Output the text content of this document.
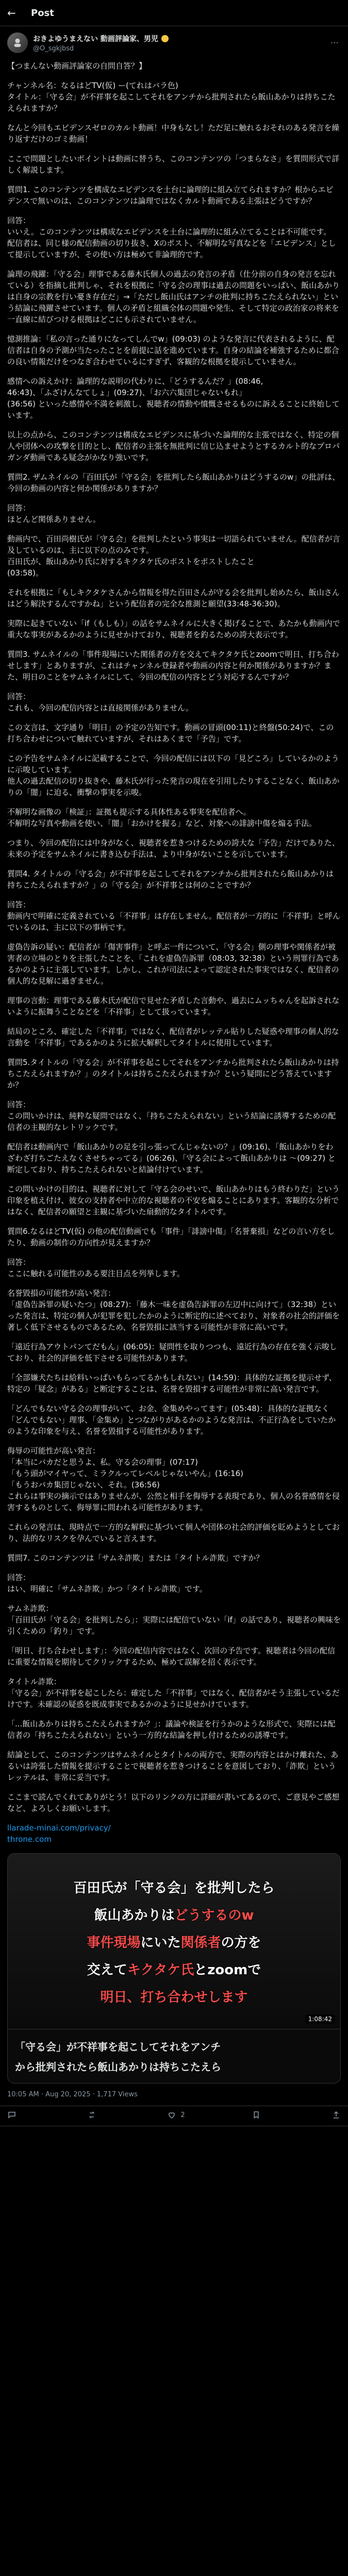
← Post
おきよゆうまえない 動画評論家、男児
@O_sgkjbsd
⋯

【つまんない動画評論家の自問自答？】

チャンネル名：なるはどTV(仮) ー(てれはバラ色)
タイトル：「守る会」が不祥事を起こしてそれをアンチから批判されたら飯山あかりは持ちこたえられますか？

なんと今回もエビデンスゼロのカルト動画！中身もなし！ただ足に触れるおそれのある発言を繰り返すだけのゴミ動画！

ここで問題としたいポイントは動画に替うち、このコンテンツの「つまらなさ」を質問形式で詳しく解説します。

質問1. このコンテンツを構成なエビデンスを土台に論理的に組み立てられますか？根からエビデンスで無いのは、このコンテンツは論理ではなくカルト動画である主張はどうですか？

回答：
いいえ。このコンテンツは構成なエビデンスを土台に論理的に組み立てることは不可能です。
配信者は、同じ様の配信動画の切り抜き、Xのポスト、不解明な写真などを「エビデンス」として提示していますが、その使い方は極めて非論理的です。

論理の飛躍：「守る会」理事である藤木氏個人の過去の発言の矛盾（仕分前の自身の発言を忘れている）を指摘し批判しゃ、それを根拠に「守る会の理事は過去の問題をいっぱい、飯山あかりは自身の宗教を行い憂き存在だ」→「ただし飯山氏はアンチの批判に持ちこたえられない」という結論に飛躍させています。個人の矛盾と組織全体の問題や発生、そして特定の政治家の将来を一直線に結びつける根拠はどこにも示されていません。

憶測推論：「私の言った通りになってしんでw」(09:03) のような発言に代表されるように、配信者は自身の予測が当たったことを前提に話を進めています。自身の結論を補強するために都合の良い情報だけをつなぎ合わせているにすぎず、客観的な根拠を提示していません。

感情への訴えかけ：論理的な説明の代わりに、「どうするんだ？」(08:46,
46:43)、「ふざけんなてしょ」(09:27)、「お六六集団じゃないもれ」
(36:56) といった感情や不満を刺激し、視聴者の情動や憤慨させるものに訴えることに終始しています。

以上の点から、このコンテンツは構成なエビデンスに基づいた論理的な主張ではなく、特定の個人や団体への攻撃を目的とし、配信者の主張を無批判に信じ込ませようとするカルト的なプロパガンダ動画である疑念がかなり強いです。

質問2. ザムネイルの「百田氏が「守る会」を批判したら飯山あかりはどうするのw」の批評は、今回の動画の内容と何か関係がありますか？

回答：
ほとんど関係ありません。

動画内で、百田尚樹氏が「守る会」を批判したという事実は一切語られていません。配信者が言及しているのは、主に以下の点のみです。
百田氏が、飯山あかり氏に対するキクタケ氏のポストをポストしたこと
(03:58)。

それを根拠に「もしキクタケさんから情報を得た百田さんが守る会を批判し始めたら、飯山さんはどう解決するんですかね」という配信者の完全な推測と願望(33:48-36:30)。

実際に起きていない「if（もしも）」の話をサムネイルに大きく掲げることで、あたかも動画内で重大な事実があるかのように見せかけており、視聴者を釣るための誇大表示です。

質問3. サムネイルの「事件現場にいた関係者の方を交えてキクタケ氏とzoomで明日、打ち合わせします」とありますが、これはチャンネル登録者や動画の内容と何か関係がありますか？また、明日のことをサムネイルにして、今回の配信の内容とどう対応するんですか？

回答：
これも、今回の配信内容とは直接関係がありません。

この文言は、文字通り「明日」の予定の告知です。動画の冒頭(00:11)と終盤(50:24)で、この打ち合わせについて触れていますが、それはあくまで「予告」です。

この予告をサムネイルに記載することで、今回の配信には以下の「見どころ」しているかのように示唆しています。
他人の過去配信の切り抜きや、藤木氏が行った発言の現在を引用したりすることなく、飯山あかりの「闇」に迫る、衝撃の事実を示唆。

不解明な画像の「検証」：証拠も提示する具体性ある事実を配信者へ。
不解明な写真や動画を使い、「闇」「おかけを握る」など、対象への誹謗中傷を煽る手法。

つまり、今回の配信には中身がなく、視聴者を惹きつけるための誇大な「予告」だけでありた、未来の予定をサムネイルに書き込む手法は、より中身がないことを示しています。

質問4. タイトルの「守る会」が不祥事を起こしてそれをアンチから批判されたら飯山あかりは持ちこたえられますか？」の「守る会」が不祥事とは何のことですか？

回答：
動画内で明確に定義されている「不祥事」は存在しません。配信者が一方的に「不祥事」と呼んでいるのは、主に以下の事柄です。

虚偽告訴の疑い：配信者が「傷害事件」と呼ぶ一件について、「守る会」側の理事や関係者が被害者の立場のとりを主張したことを、「これを虚偽告訴罪（08:03, 32:38）という刑罪行為であるかのように主張しています。しかし、これが司法によって認定された事実ではなく、配信者の個人的な見解に過ぎません。

理事の言動：理事である藤木氏が配信で見せた矛盾した言動や、過去にムッちゃんを起訴されないように振舞うことなどを「不祥事」として扱っています。

結局のところ、確定した「不祥事」ではなく、配信者がレッテル貼りした疑惑や理事の個人的な言動を「不祥事」であるかのように拡大解釈してタイトルに使用しています。

質問5.タイトルの「守る会」が不祥事を起こしてそれをアンチから批判されたら飯山あかりは持ちこたえられますか？」のタイトルは持ちこたえられますか？という疑問にどう答えていますか？

回答：
この問いかけは、純粋な疑問ではなく、「持ちこたえられない」という結論に誘導するための配信者の主観的なレトリックです。

配信者は動画内で「飯山あかりの足を引っ張ってんじゃないの？」(09:16)、「飯山あかりをわざわざ打ちごたえなくさせちゃってる」(06:26)、「守る会によって飯山あかりは ～(09:27) と断定しており、持ちこたえられないと結論付けています。

この問いかけの目的は、視聴者に対して「守る会のせいで、飯山あかりはもう終わりだ」という印象を植え付け、彼女の支持者や中立的な視聴者の不安を煽ることにあります。客観的な分析ではなく、配信者の願望と主観に基づいた扇動的なタイトルです。

質問6.なるはどTV(仮) の他の配信動画でも「事件」「誹謗中傷」「名誉棄損」などの言い方をしたり、動画の制作の方向性が見えますか？

回答：
ここに触れる可能性のある要注目点を列挙します。

名誉毀損の可能性が高い発言：
「虚偽告訴罪の疑いたつ」(08:27)：「藤木一味を虚偽告訴罪の左辺中に向けて」（32:38）といった発言は、特定の個人が犯罪を犯したかのように断定的に述べており、対象者の社会的評価を著しく低下させるものであるため、名誉毀損に該当する可能性が非常に高いです。

「遠近行為アウトパンてだもん」(06:05)：疑問性を取りつつも、遠近行為の存在を強く示唆しており、社会的評価を低下させる可能性があります。

「全部嫌犬たちは給料いっぱいもらってるかもしれない」(14:59)：具体的な証拠を提示せず、特定の「疑念」がある」と断定することは、名誉を毀損する可能性が非常に高い発言です。

「どんでもない守る会の理事がいて、お金、金集めやってます」(05:48)：具体的な証拠なく「どんでもない」理事、「金集め」とつながりがあるかのような発言は、不正行為をしていたかのような印象を与え、名誉を毀損する可能性があります。

侮辱の可能性が高い発言：
「本当にバカだと思うよ、私。守る会の理事」(07:17)
「もう頭がマイヤって、ミラクルってレベルじゃないやん」(16:16)
「もうおバカ集団じゃない、それ。(36:56)
これらは事実の摘示ではありませんが、公然と相手を侮辱する表現であり、個人の名誉感情を侵害するものとして、侮辱罪に問われる可能性があります。

これらの発言は、現時点で一方的な解釈に基づいて個人や団体の社会的評価を貶めようとしており、法的なリスクを孕んでいると言えます。

質問7. このコンテンツは「サムネ詐欺」または「タイトル詐欺」ですか？

回答：
はい、明確に「サムネ詐欺」かつ「タイトル詐欺」です。

サムネ詐欺：
「百田氏が「守る会」を批判したら」：実際には配信ていない「if」の話であり、視聴者の興味を引くための「釣り」です。

「明日、打ち合わせします」：今回の配信内容ではなく、次回の予告です。視聴者は今回の配信に重要な情報を期待してクリックするため、極めて誤解を招く表示です。

タイトル詐欺：
「守る会」が不祥事を起こしたら：確定した「不祥事」ではなく、配信者がそう主張しているだけです。未確認の疑惑を既成事実であるかのように見せかけています。

「...飯山あかりは持ちこたえられますか？」：議論や検証を行うかのような形式で、実際には配信者の「持ちこたえられない」という一方的な結論を押し付けるための誘導です。

結論として、このコンテンツはサムネイルとタイトルの両方で、実際の内容とはかけ離れた、あるいは誇張した情報を提示することで視聴者を惹きつけることを意図しており、「詐欺」というレッテルは、非常に妥当です。

ここまで読んでくれてありがとう！以下のリンクの方に詳細が書いてあるので、ご意見やご感想など、よろしくお願いします。

llarade-minai.com/privacy/
throne.com

百田氏が「守る会」を批判したら
飯山あかりはどうするのw
事件現場にいた関係者の方を
交えてキクタケ氏とzoomで
明日、打ち合わせします
1:08:42
「守る会」が不祥事を起こしてそれをアンチ
から批判されたら飯山あかりは持ちこたえら
10:05 AM · Aug 20, 2025 · 1,717 Views
2
